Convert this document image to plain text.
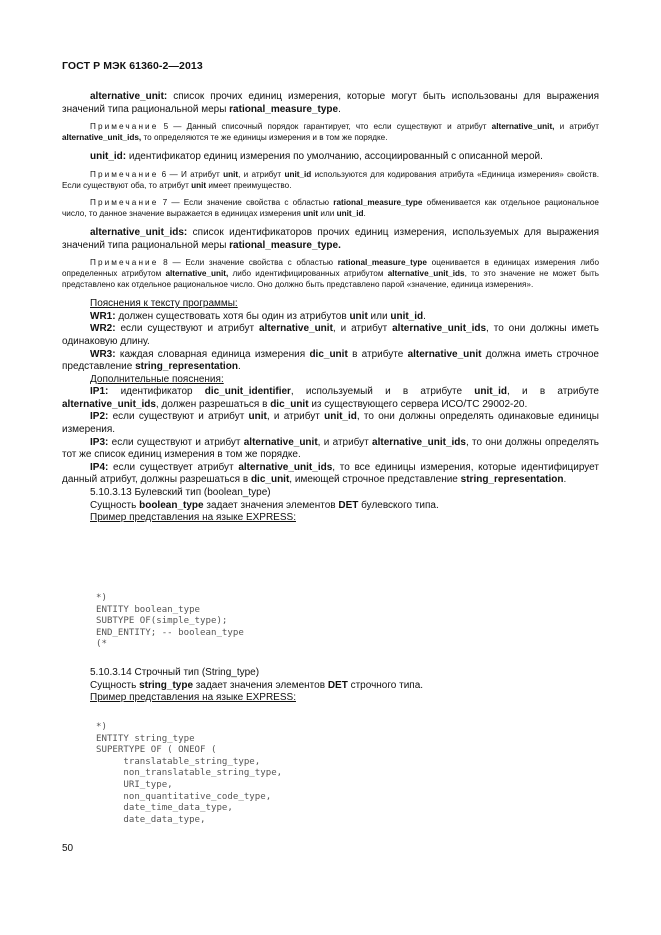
ГОСТ Р МЭК 61360-2—2013

alternative_unit: список прочих единиц измерения, которые могут быть использованы для выражения значений типа рациональной меры rational_measure_type.

Примечание 5 — Данный списочный порядок гарантирует, что если существуют и атрибут alternative_unit, и атрибут alternative_unit_ids, то определяются те же единицы измерения и в том же порядке.

unit_id: идентификатор единиц измерения по умолчанию, ассоциированный с описанной мерой.

Примечание 6 — И атрибут unit, и атрибут unit_id используются для кодирования атрибута «Единица измерения» свойств. Если существуют оба, то атрибут unit имеет преимущество.

Примечание 7 — Если значение свойства с областью rational_measure_type обменивается как отдельное рациональное число, то данное значение выражается в единицах измерения unit или unit_id.

alternative_unit_ids: список идентификаторов прочих единиц измерения, используемых для выражения значений типа рациональной меры rational_measure_type.

Примечание 8 — Если значение свойства с областью rational_measure_type оценивается в единицах измерения либо определенных атрибутом alternative_unit, либо идентифицированных атрибутом alternative_unit_ids, то это значение не может быть представлено как отдельное рациональное число. Оно должно быть представлено парой «значение, единица измерения».

Пояснения к тексту программы:

WR1: должен существовать хотя бы один из атрибутов unit или unit_id.

WR2: если существуют и атрибут alternative_unit, и атрибут alternative_unit_ids, то они должны иметь одинаковую длину.

WR3: каждая словарная единица измерения dic_unit в атрибуте alternative_unit должна иметь строчное представление string_representation.

Дополнительные пояснения:

IP1: идентификатор dic_unit_identifier, используемый и в атрибуте unit_id, и в атрибуте alternative_unit_ids, должен разрешаться в dic_unit из существующего сервера ИСО/ТС 29002-20.

IP2: если существуют и атрибут unit, и атрибут unit_id, то они должны определять одинаковые единицы измерения.

IP3: если существуют и атрибут alternative_unit, и атрибут alternative_unit_ids, то они должны определять тот же список единиц измерения в том же порядке.

IP4: если существует атрибут alternative_unit_ids, то все единицы измерения, которые идентифицирует данный атрибут, должны разрешаться в dic_unit, имеющей строчное представление string_representation.

5.10.3.13 Булевский тип (boolean_type)

Сущность boolean_type задает значения элементов DET булевского типа.

Пример представления на языке EXPRESS:

*)
ENTITY boolean_type
SUBTYPE OF(simple_type);
END_ENTITY; -- boolean_type
(*

5.10.3.14 Строчный тип (String_type)

Сущность string_type задает значения элементов DET строчного типа.

Пример представления на языке EXPRESS:

*)
ENTITY string_type
SUPERTYPE OF ( ONEOF (
translatable_string_type,
non_translatable_string_type,
URI_type,
non_quantitative_code_type,
date_time_data_type,
date_data_type,
50
